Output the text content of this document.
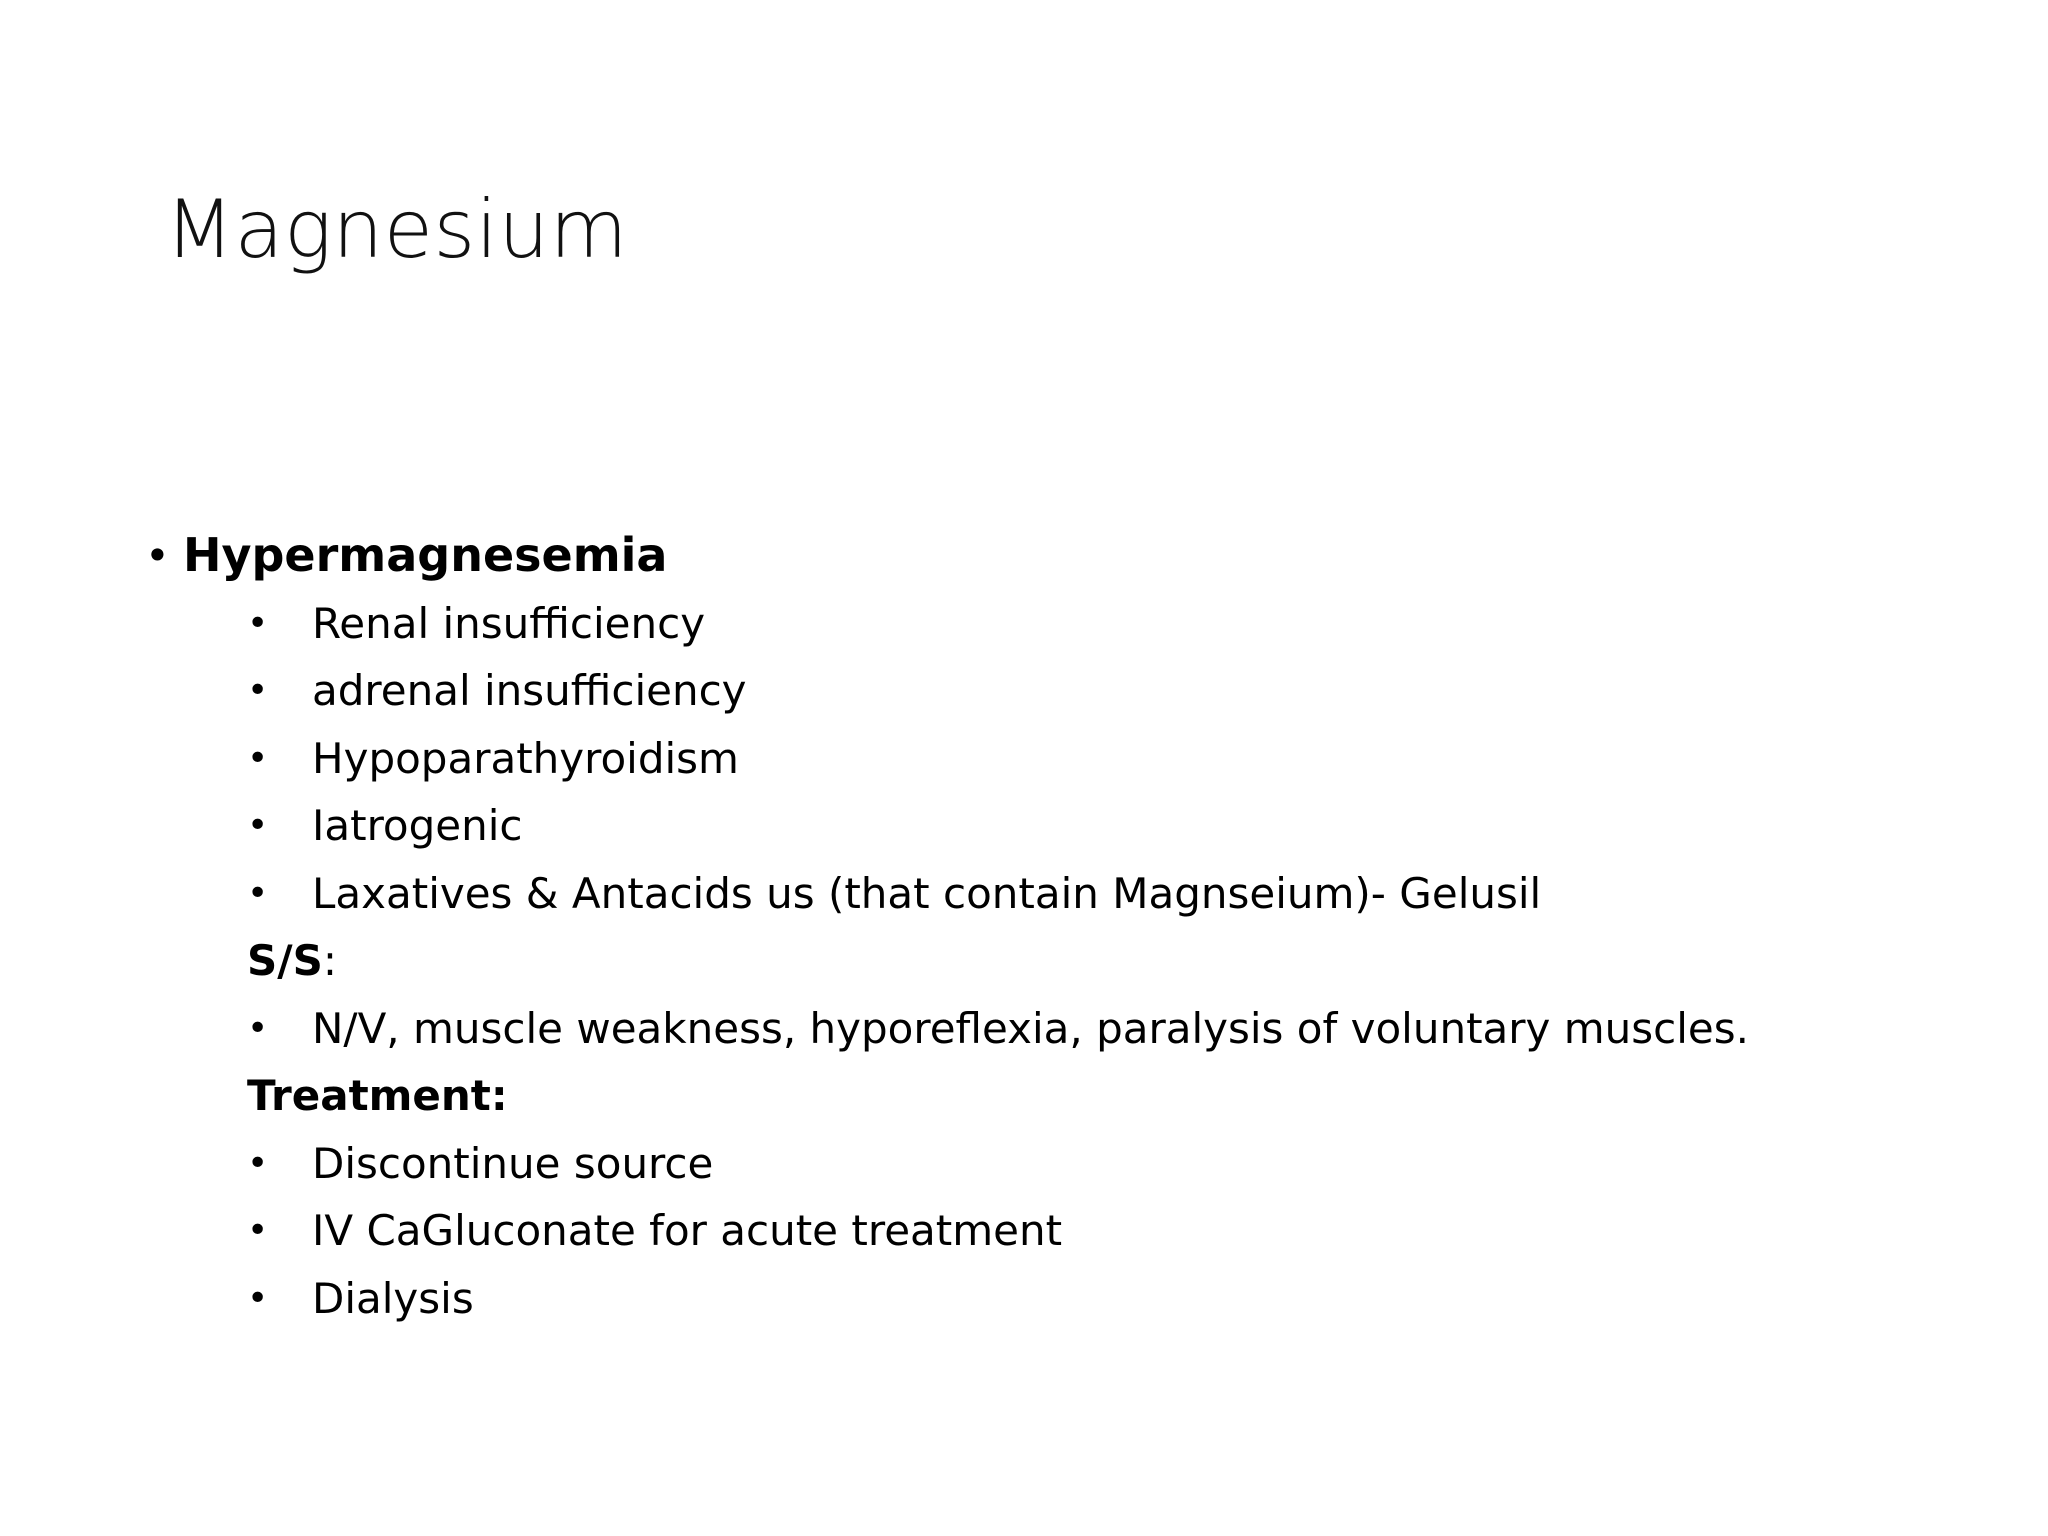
Magnesium
• Hypermagnesemia
• Renal insufficiency
• adrenal insufficiency
• Hypoparathyroidism
• Iatrogenic
• Laxatives & Antacids us (that contain Magnseium)- Gelusil
S/S:
• N/V, muscle weakness, hyporeflexia, paralysis of voluntary muscles.
Treatment:
• Discontinue source
• IV CaGluconate for acute treatment
• Dialysis
